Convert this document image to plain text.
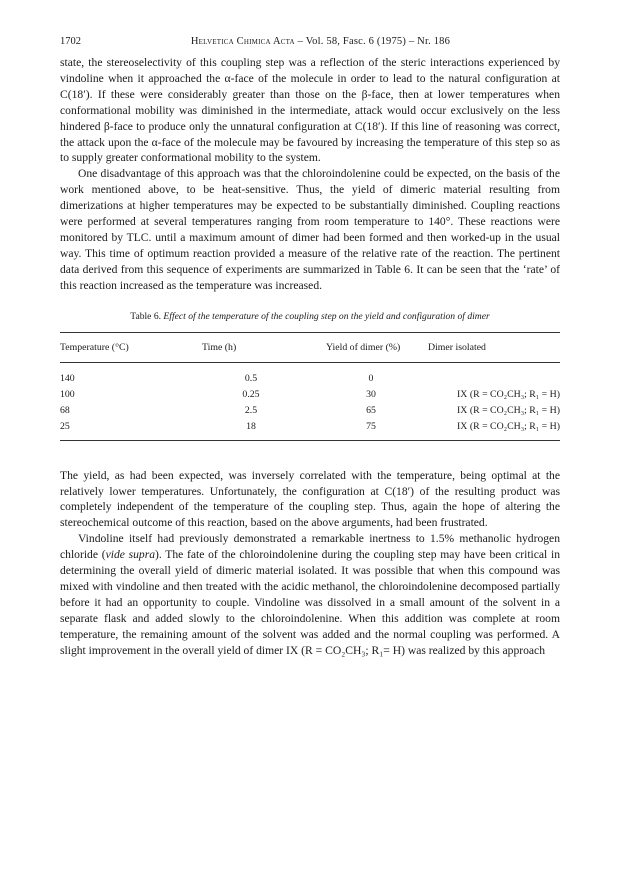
1702	Helvetica Chimica Acta – Vol. 58, Fasc. 6 (1975) – Nr. 186

state, the stereoselectivity of this coupling step was a reflection of the steric interactions experienced by vindoline when it approached the α-face of the molecule in order to lead to the natural configuration at C(18′). If these were considerably greater than those on the β-face, then at lower temperatures when conformational mobility was diminished in the intermediate, attack would occur exclusively on the less hindered β-face to produce only the unnatural configuration at C(18′). If this line of reasoning was correct, the attack upon the α-face of the molecule may be favoured by increasing the temperature of this step so as to supply greater conformational mobility to the system.

One disadvantage of this approach was that the chloroindolenine could be expected, on the basis of the work mentioned above, to be heat-sensitive. Thus, the yield of dimeric material resulting from dimerizations at higher temperatures may be expected to be substantially diminished. Coupling reactions were performed at several temperatures ranging from room temperature to 140°. These reactions were monitored by TLC. until a maximum amount of dimer had been formed and then worked-up in the usual way. This time of optimum reaction provided a measure of the relative rate of the reaction. The pertinent data derived from this sequence of experiments are summarized in Table 6. It can be seen that the ‘rate’ of this reaction increased as the temperature was increased.

Table 6. Effect of the temperature of the coupling step on the yield and configuration of dimer
Temperature (°C)	Time (h)	Yield of dimer (%)	Dimer isolated
140	0.5	0	
100	0.25	30	IX (R = CO₂CH₃; R₁ = H)
68	2.5	65	IX (R = CO₂CH₃; R₁ = H)
25	18	75	IX (R = CO₂CH₃; R₁ = H)

The yield, as had been expected, was inversely correlated with the temperature, being optimal at the relatively lower temperatures. Unfortunately, the configuration at C(18′) of the resulting product was completely independent of the temperature of the coupling step. Thus, again the hope of altering the stereochemical outcome of this reaction, based on the above arguments, had been frustrated.

Vindoline itself had previously demonstrated a remarkable inertness to 1.5% methanolic hydrogen chloride (vide supra). The fate of the chloroindolenine during the coupling step may have been critical in determining the overall yield of dimeric material isolated. It was possible that when this compound was mixed with vindoline and then treated with the acidic methanol, the chloroindolenine decomposed partially before it had an opportunity to couple. Vindoline was dissolved in a small amount of the solvent in a separate flask and added slowly to the chloroindolenine. When this addition was complete at room temperature, the remaining amount of the solvent was added and the normal coupling was performed. A slight improvement in the overall yield of dimer IX (R = CO₂CH₃; R₁= H) was realized by this approach
